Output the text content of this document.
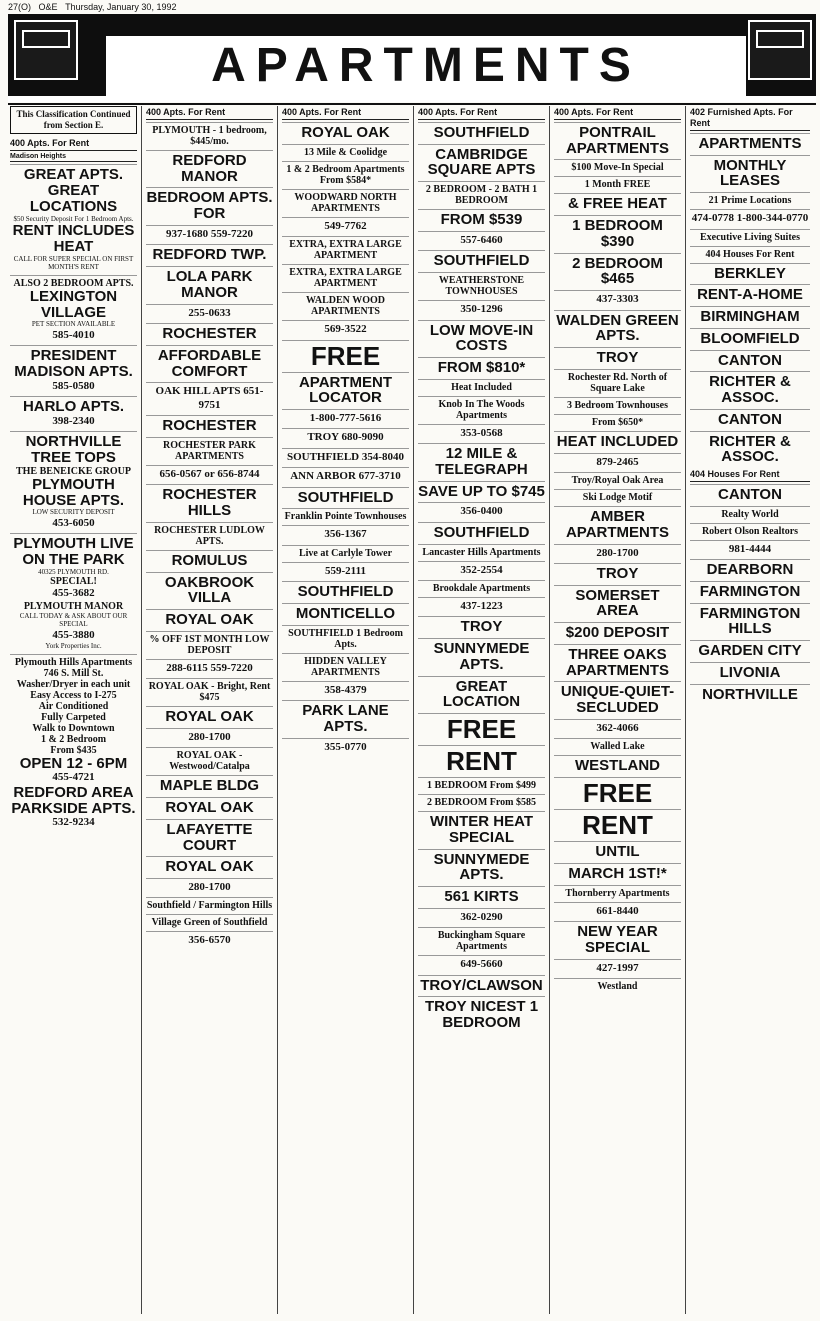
27(O) O&E Thursday, January 30, 1992
APARTMENTS
This Classification Continued from Section E.
400 Apts. For Rent
Madison Heights
GREAT APTS.
GREAT LOCATIONS
$50 Security Deposit For 1 Bedroom Apts.
RENT INCLUDES HEAT
CALL FOR SUPER SPECIAL ON FIRST MONTH'S RENT
ALSO 2 BEDROOM APTS.
LEXINGTON VILLAGE
PET SECTION AVAILABLE
585-4010
PRESIDENT MADISON APTS.
585-0580
HARLO APTS.
398-2340
NORTHVILLE TREE TOPS
THE BENEICKE GROUP
PLYMOUTH HOUSE APTS.
LOW SECURITY DEPOSIT
453-6050
PLYMOUTH LIVE ON THE PARK
40325 PLYMOUTH RD.
SPECIAL!
455-3682
PLYMOUTH MANOR
CALL TODAY & ASK ABOUT OUR SPECIAL
455-3880
York Properties Inc.
Plymouth Hills Apartments
746 S. Mill St.
Washer/Dryer in each unit
Easy Access to I-275
Air Conditioned
Fully Carpeted
Walk to Downtown
1 & 2 Bedroom
From $435
OPEN 12 - 6PM
455-4721
REDFORD AREA
PARKSIDE APTS.
532-9234
400 Apts. For Rent
PLYMOUTH - 1 bedroom, $445/mo.
REDFORD MANOR
BEDROOM APTS. FOR
937-1680 559-7220
REDFORD TWP.
LOLA PARK MANOR
255-0633
ROCHESTER
AFFORDABLE COMFORT
OAK HILL APTS 651-9751
ROCHESTER
ROCHESTER PARK APARTMENTS
656-0567 or 656-8744
ROCHESTER HILLS
ROCHESTER LUDLOW APTS.
ROMULUS
OAKBROOK VILLA
ROYAL OAK
% OFF 1ST MONTH LOW DEPOSIT
288-6115 559-7220
ROYAL OAK - Bright, Rent $475
ROYAL OAK
280-1700
ROYAL OAK - Westwood/Catalpa
MAPLE BLDG
ROYAL OAK
LAFAYETTE COURT
ROYAL OAK
280-1700
Southfield / Farmington Hills
Village Green of Southfield
356-6570
400 Apts. For Rent
ROYAL OAK
13 Mile & Coolidge
1 & 2 Bedroom Apartments From $584*
WOODWARD NORTH APARTMENTS
549-7762
EXTRA, EXTRA LARGE APARTMENT
EXTRA, EXTRA LARGE APARTMENT
WALDEN WOOD APARTMENTS
569-3522
FREE
APARTMENT LOCATOR
1-800-777-5616
TROY 680-9090
SOUTHFIELD 354-8040
ANN ARBOR 677-3710
SOUTHFIELD
Franklin Pointe Townhouses
356-1367
Live at Carlyle Tower
559-2111
SOUTHFIELD
MONTICELLO
SOUTHFIELD 1 Bedroom Apts.
HIDDEN VALLEY APARTMENTS
358-4379
PARK LANE APTS.
355-0770
400 Apts. For Rent
SOUTHFIELD
CAMBRIDGE SQUARE APTS
2 BEDROOM - 2 BATH 1 BEDROOM
FROM $539
557-6460
SOUTHFIELD
WEATHERSTONE TOWNHOUSES
350-1296
LOW MOVE-IN COSTS
FROM $810*
Heat Included
Knob In The Woods Apartments
353-0568
12 MILE & TELEGRAPH
SAVE UP TO $745
356-0400
SOUTHFIELD
Lancaster Hills Apartments
352-2554
Brookdale Apartments
437-1223
TROY
SUNNYMEDE APTS.
GREAT LOCATION
FREE
RENT
1 BEDROOM From $499
2 BEDROOM From $585
WINTER HEAT SPECIAL
SUNNYMEDE APTS.
561 KIRTS
362-0290
Buckingham Square Apartments
649-5660
TROY/CLAWSON
TROY NICEST 1 BEDROOM
400 Apts. For Rent
PONTRAIL APARTMENTS
$100 Move-In Special
1 Month FREE
& FREE HEAT
1 BEDROOM $390
2 BEDROOM $465
437-3303
WALDEN GREEN APTS.
TROY
Rochester Rd. North of Square Lake
3 Bedroom Townhouses
From $650*
HEAT INCLUDED
879-2465
Troy/Royal Oak Area
Ski Lodge Motif
AMBER APARTMENTS
280-1700
TROY
SOMERSET AREA
$200 DEPOSIT
THREE OAKS APARTMENTS
UNIQUE-QUIET-SECLUDED
362-4066
Walled Lake
WESTLAND
FREE
RENT
UNTIL
MARCH 1ST!*
Thornberry Apartments
661-8440
NEW YEAR SPECIAL
427-1997
Westland
402 Furnished Apts. For Rent
APARTMENTS
MONTHLY LEASES
21 Prime Locations
474-0778 1-800-344-0770
Executive Living Suites
404 Houses For Rent
BERKLEY
RENT-A-HOME
BIRMINGHAM
BLOOMFIELD
CANTON
RICHTER & ASSOC.
CANTON
RICHTER & ASSOC.
404 Houses For Rent
CANTON
Realty World
Robert Olson Realtors
981-4444
DEARBORN
FARMINGTON
FARMINGTON HILLS
GARDEN CITY
LIVONIA
NORTHVILLE
